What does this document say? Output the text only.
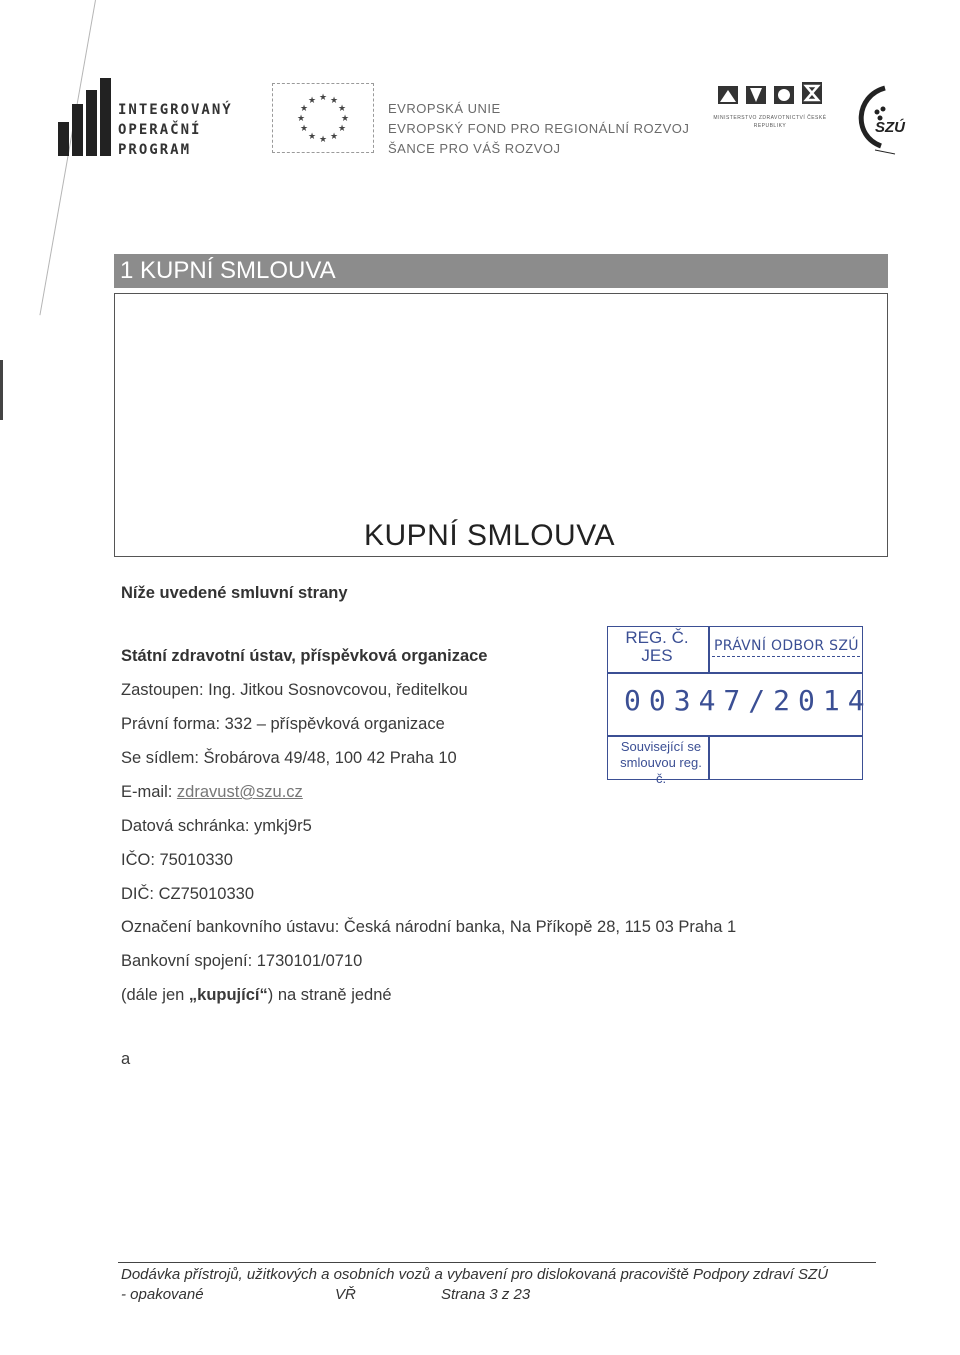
INTEGROVANÝ
OPERAČNÍ
PROGRAM
★ ★
★
★
★
★
★
★
★
★
★
★	EVROPSKÁ UNIE
EVROPSKÝ FOND PRO REGIONÁLNÍ ROZVOJ
ŠANCE PRO VÁŠ ROZVOJ
MINISTERSTVO ZDRAVOTNICTVÍ ČESKÉ REPUBLIKY	SZÚ
1 KUPNÍ SMLOUVA
KUPNÍ SMLOUVA
Níže uvedené smluvní strany
Státní zdravotní ústav, příspěvková organizace
Zastoupen: Ing. Jitkou Sosnovcovou, ředitelkou
Právní forma: 332 – příspěvková organizace
Se sídlem: Šrobárova 49/48, 100 42 Praha 10
E-mail: zdravust@szu.cz
Datová schránka: ymkj9r5
IČO: 75010330
DIČ: CZ75010330
Označení bankovního ústavu: Česká národní banka, Na Příkopě 28, 115 03 Praha 1
Bankovní spojení: 1730101/0710
(dále jen „kupující“) na straně jedné
a
REG. Č.
JES	PRÁVNÍ ODBOR SZÚ
00347/2014
Související se
smlouvou reg. č.
Dodávka přístrojů, užitkových a osobních vozů a vybavení pro dislokovaná pracoviště Podpory zdraví SZÚ
- opakované	VŘ	Strana 3 z 23
